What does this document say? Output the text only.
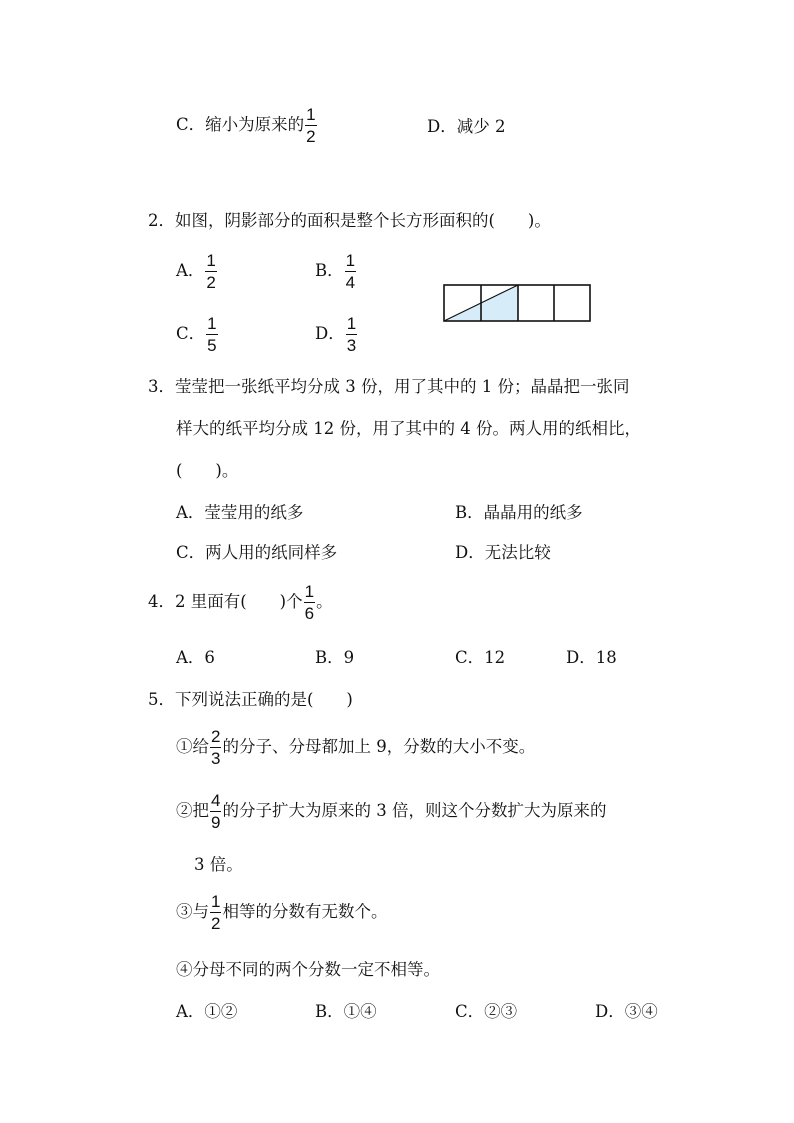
C．缩小为原来的 $\frac{1}{2}$	D．减少 2
2．如图，阴影部分的面积是整个长方形面积的(　　)。
A． $\frac{1}{2}$	B． $\frac{1}{4}$
C． $\frac{1}{5}$	D． $\frac{1}{3}$
3．莹莹把一张纸平均分成 3 份，用了其中的 1 份；晶晶把一张同
样大的纸平均分成 12 份，用了其中的 4 份。两人用的纸相比，
(　　)。
A．莹莹用的纸多	B．晶晶用的纸多
C．两人用的纸同样多	D．无法比较
4．2 里面有(　　)个 $\frac{1}{6}$ 。
A．6	B．9	C．12	D．18
5．下列说法正确的是(　　)
①给 $\frac{2}{3}$ 的分子、分母都加上 9，分数的大小不变。
②把 $\frac{4}{9}$ 的分子扩大为原来的 3 倍，则这个分数扩大为原来的
3 倍。
③与 $\frac{1}{2}$ 相等的分数有无数个。
④分母不同的两个分数一定不相等。
A．①②	B．①④	C．②③	D．③④
